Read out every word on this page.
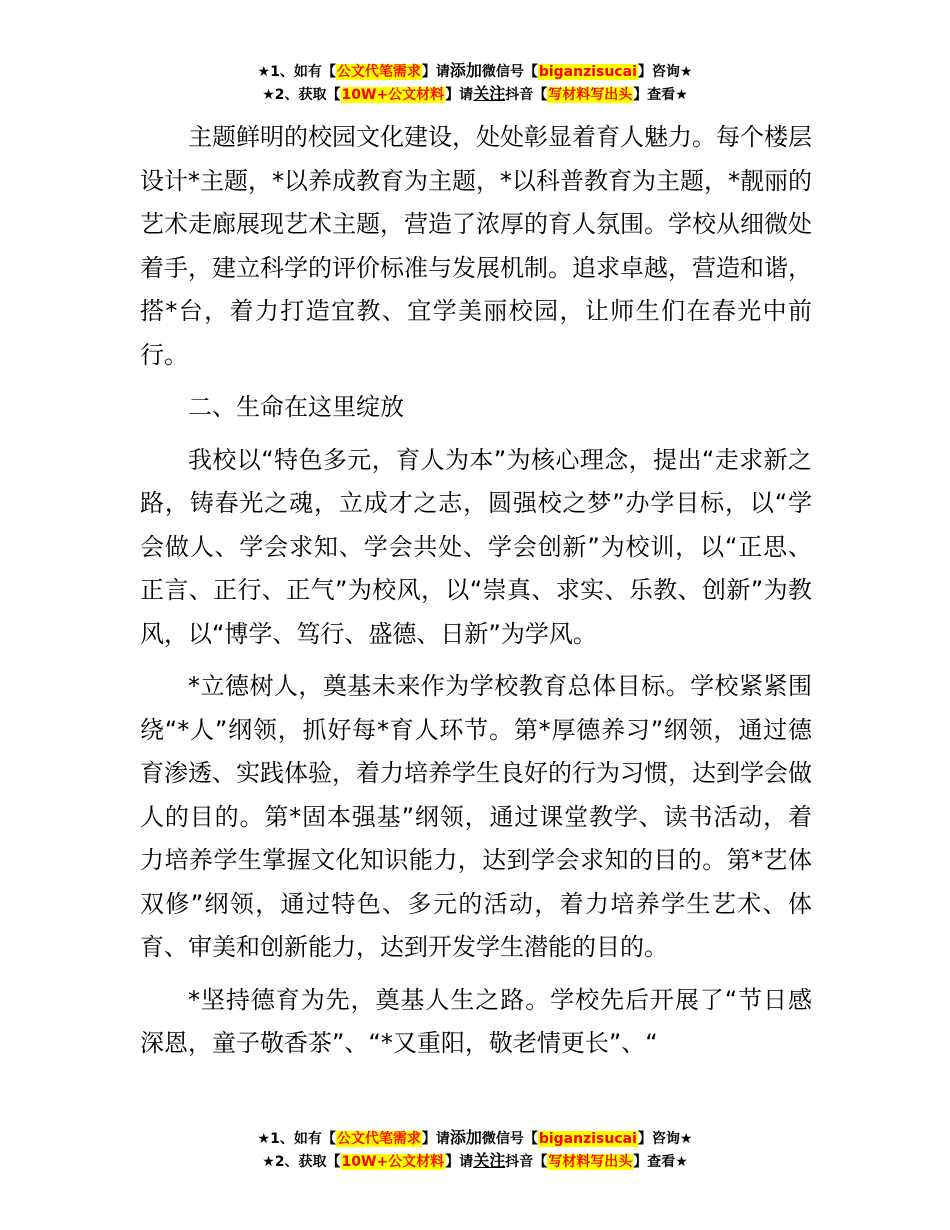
★1、如有【公文代笔需求】请添加微信号【biganzisucai】咨询★
★2、获取【10W+公文材料】请关注抖音【写材料写出头】查看★

主题鲜明的校园文化建设，处处彰显着育人魅力。每个楼层设计*主题，*以养成教育为主题，*以科普教育为主题，*靓丽的艺术走廊展现艺术主题，营造了浓厚的育人氛围。学校从细微处着手，建立科学的评价标准与发展机制。追求卓越，营造和谐，搭*台，着力打造宜教、宜学美丽校园，让师生们在春光中前行。

二、生命在这里绽放

我校以“特色多元，育人为本”为核心理念，提出“走求新之路，铸春光之魂，立成才之志，圆强校之梦”办学目标，以“学会做人、学会求知、学会共处、学会创新”为校训，以“正思、正言、正行、正气”为校风，以“崇真、求实、乐教、创新”为教风，以“博学、笃行、盛德、日新”为学风。

*立德树人，奠基未来作为学校教育总体目标。学校紧紧围绕“*人”纲领，抓好每*育人环节。第*厚德养习”纲领，通过德育渗透、实践体验，着力培养学生良好的行为习惯，达到学会做人的目的。第*固本强基”纲领，通过课堂教学、读书活动，着力培养学生掌握文化知识能力，达到学会求知的目的。第*艺体双修”纲领，通过特色、多元的活动，着力培养学生艺术、体育、审美和创新能力，达到开发学生潜能的目的。

*坚持德育为先，奠基人生之路。学校先后开展了“节日感深恩，童子敬香茶”、“*又重阳，敬老情更长”、“

★1、如有【公文代笔需求】请添加微信号【biganzisucai】咨询★
★2、获取【10W+公文材料】请关注抖音【写材料写出头】查看★
